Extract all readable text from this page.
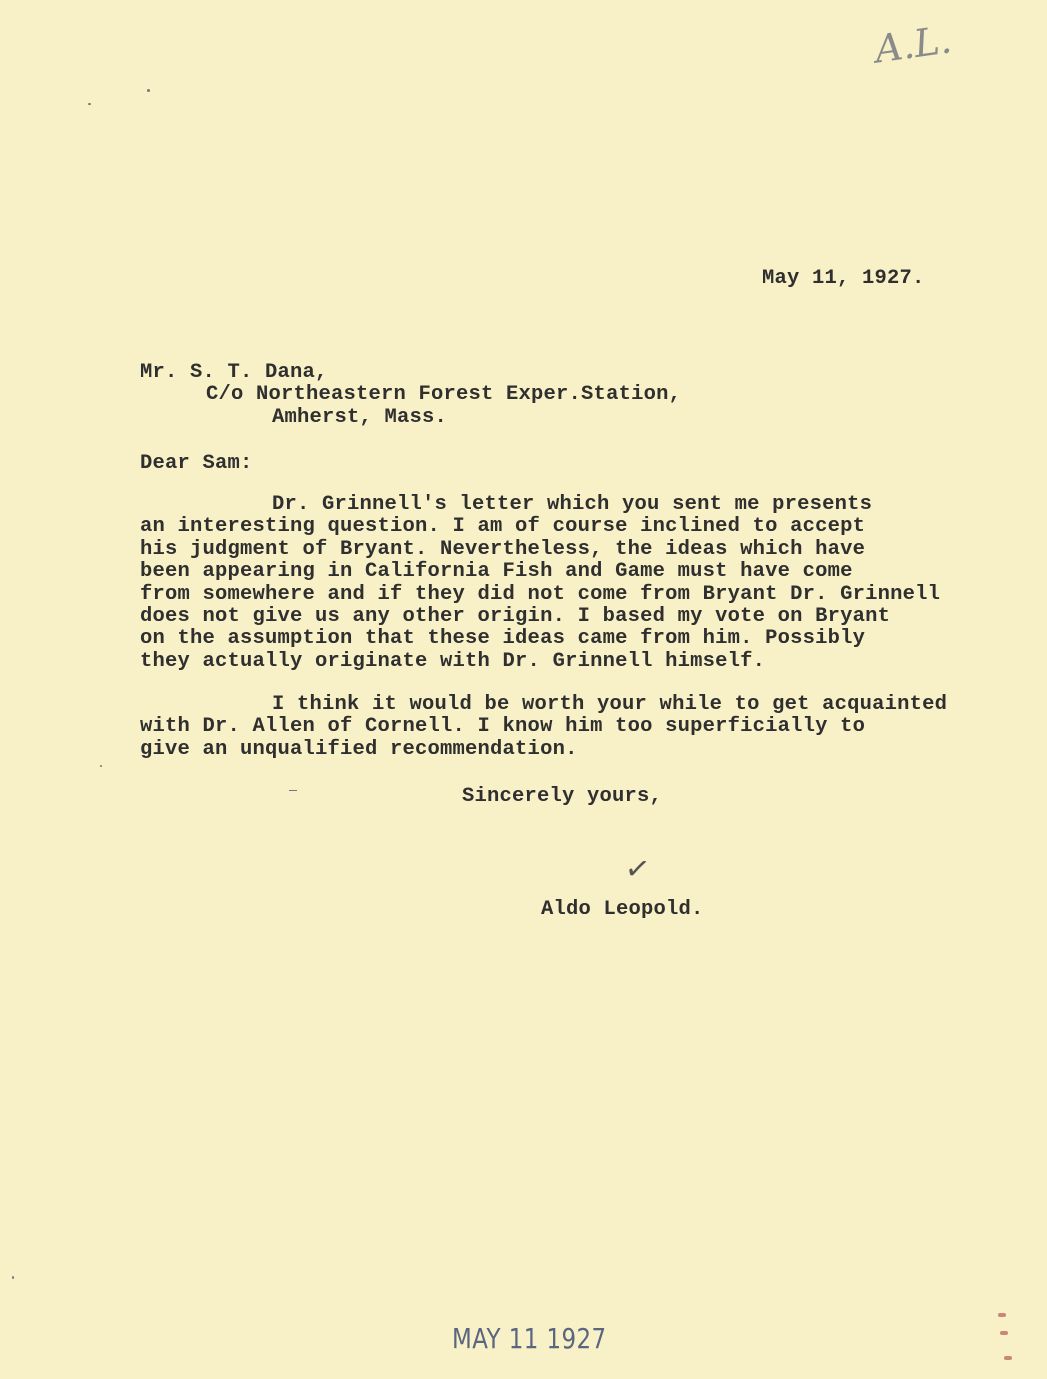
A.L.
May 11, 1927.
Mr. S. T. Dana,
C/o Northeastern Forest Exper.Station,
Amherst, Mass.
Dear Sam:
Dr. Grinnell's letter which you sent me presents
an interesting question. I am of course inclined to accept
his judgment of Bryant. Nevertheless, the ideas which have
been appearing in California Fish and Game must have come
from somewhere and if they did not come from Bryant Dr. Grinnell
does not give us any other origin. I based my vote on Bryant
on the assumption that these ideas came from him. Possibly
they actually originate with Dr. Grinnell himself.
I think it would be worth your while to get acquainted
with Dr. Allen of Cornell. I know him too superficially to
give an unqualified recommendation.
Sincerely yours,
✓
Aldo Leopold.
MAY 11 1927
